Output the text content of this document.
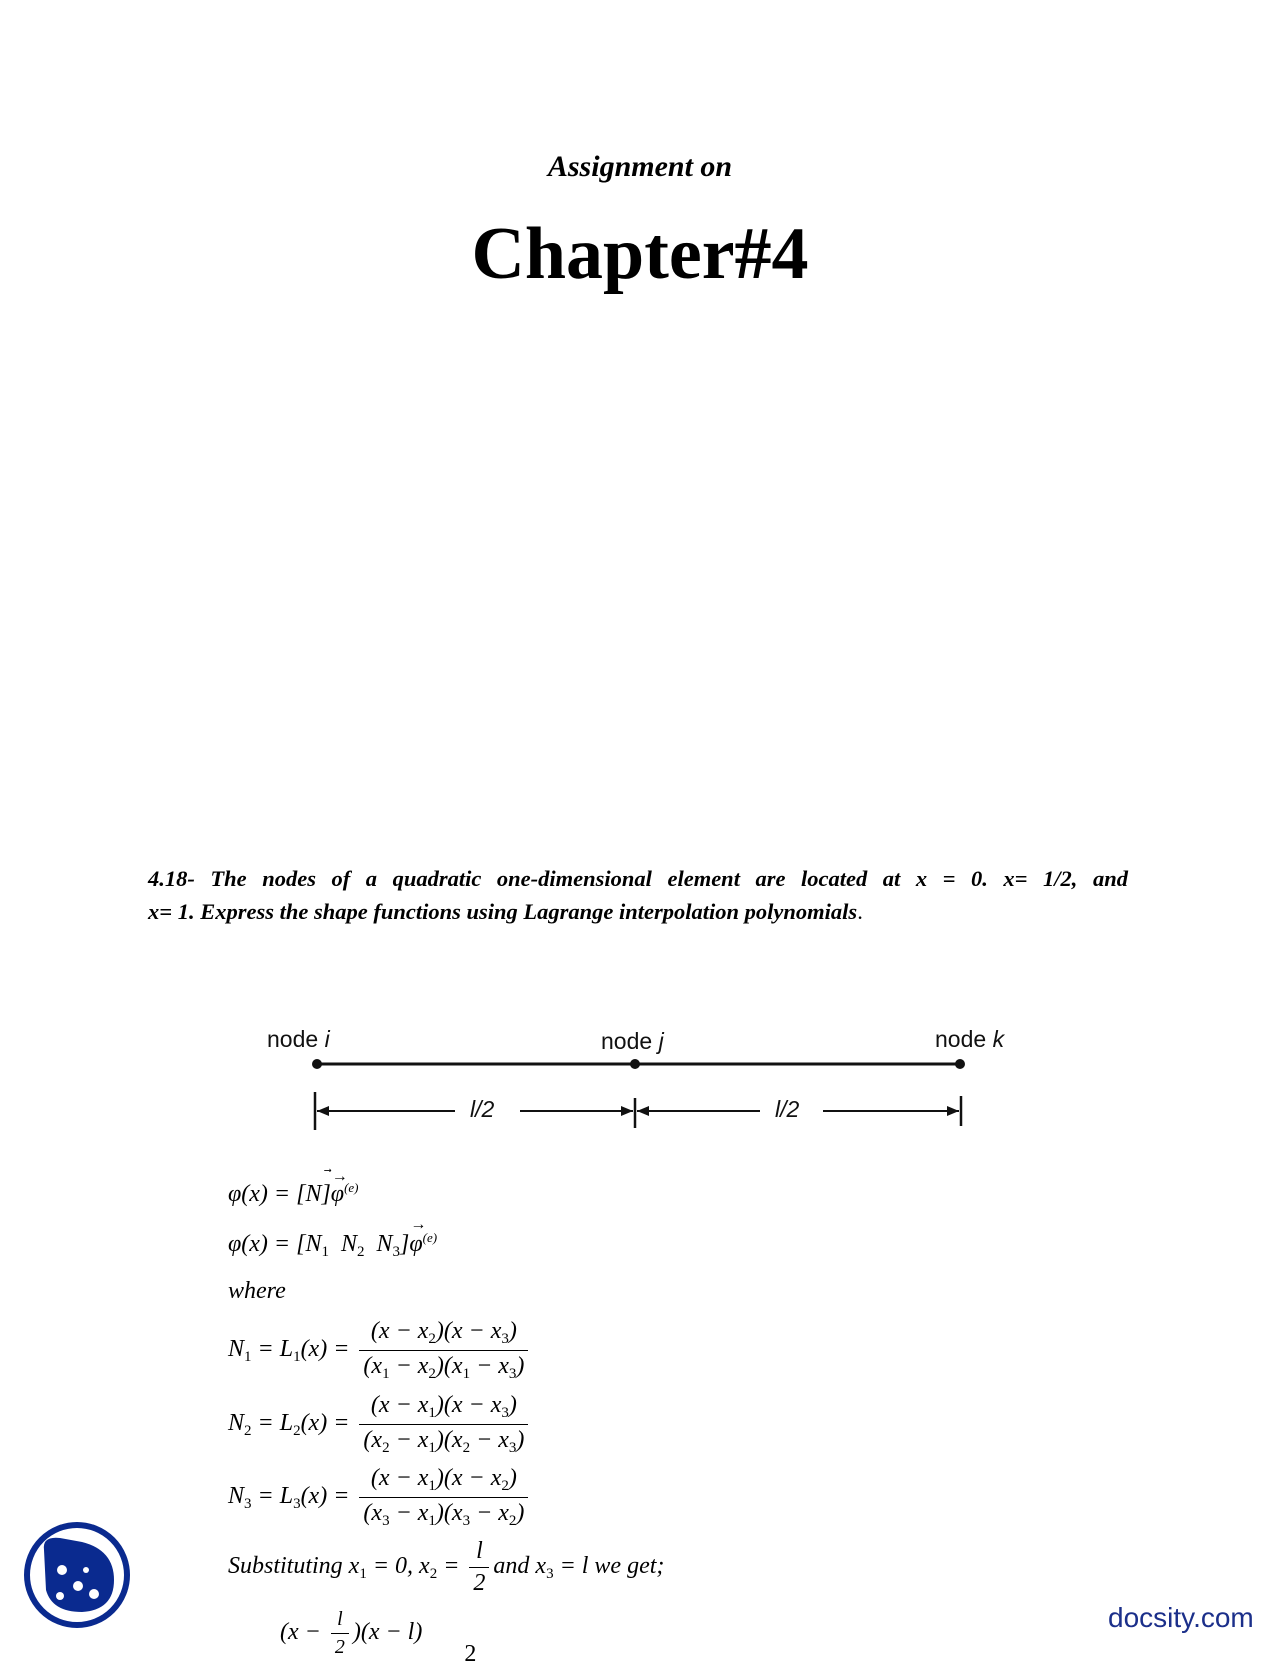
Assignment on
Chapter#4
4.18- The nodes of a quadratic one-dimensional element are located at x = 0. x= 1/2, and
x= 1. Express the shape functions using Lagrange interpolation polynomials.
node i	node j	node k
l/2	l/2
φ(x) = [N]
⃗→
$\varphi^{(e)}$
$\varphi(x) = [N_1$  $N_2$  $N_3$]
→
$\varphi^{(e)}$
where
$N_1 = L_1(x) = \frac{(x - x_2)(x - x_3)}{(x_1 - x_2)(x_1 - x_3)}$
$N_2 = L_2(x) = \frac{(x - x_1)(x - x_3)}{(x_2 - x_1)(x_2 - x_3)}$
$N_3 = L_3(x) = \frac{(x - x_1)(x - x_2)}{(x_3 - x_1)(x_3 - x_2)}$
Substituting $x_1 = 0$, $x_2 = \frac{l}{2}$ and $x_3 = l$ we get;
$(x - \frac{l}{2} )(x - l)$ 2
docsity.com
